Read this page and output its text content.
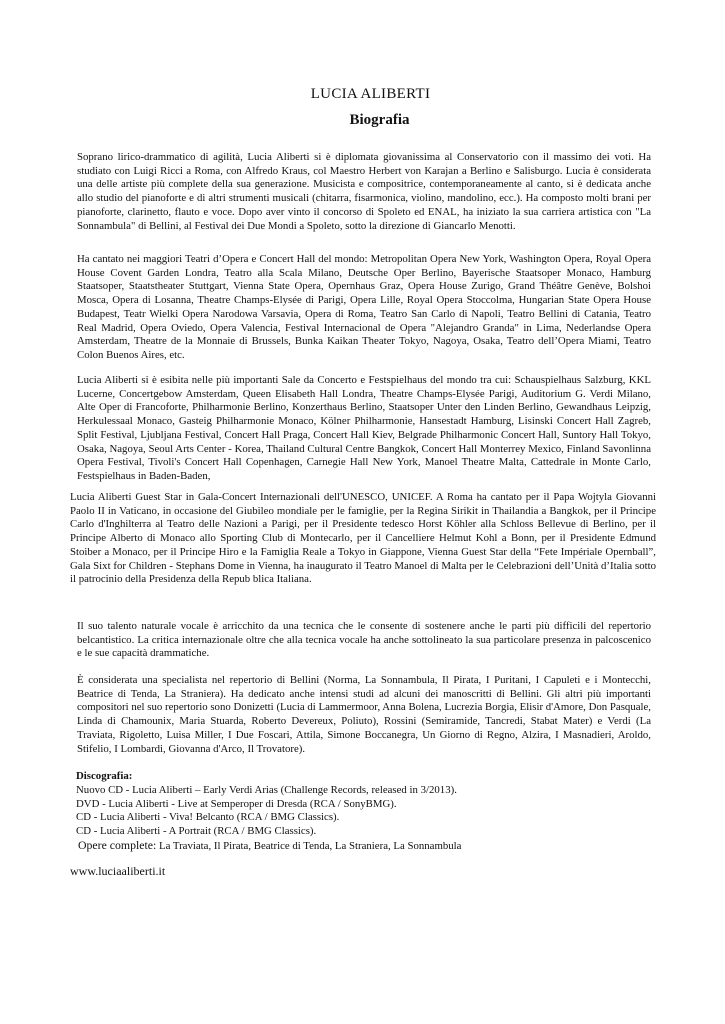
LUCIA ALIBERTI
Biografia

Soprano lirico-drammatico di agilità, Lucia Aliberti si è diplomata giovanissima al Conservatorio con il massimo dei voti. Ha studiato con Luigi Ricci a Roma, con Alfredo Kraus, col Maestro Herbert von Karajan a Berlino e Salisburgo. Lucia è considerata una delle artiste più complete della sua generazione. Musicista e compositrice, contemporaneamente al canto, si è dedicata anche allo studio del pianoforte e di altri strumenti musicali (chitarra, fisarmonica, violino, mandolino, ecc.). Ha composto molti brani per pianoforte, clarinetto, flauto e voce. Dopo aver vinto il concorso di Spoleto ed ENAL, ha iniziato la sua carriera artistica con "La Sonnambula" di Bellini, al Festival dei Due Mondi a Spoleto, sotto la direzione di Giancarlo Menotti.

Ha cantato nei maggiori Teatri d’Opera e Concert Hall del mondo: Metropolitan Opera New York, Washington Opera, Royal Opera House Covent Garden Londra, Teatro alla Scala Milano, Deutsche Oper Berlino, Bayerische Staatsoper Monaco, Hamburg Staatsoper, Staatstheater Stuttgart, Vienna State Opera, Opernhaus Graz, Opera House Zurigo, Grand Théâtre Genève, Bolshoi Mosca, Opera di Losanna, Theatre Champs-Elysée di Parigi, Opera Lille, Royal Opera Stoccolma, Hungarian State Opera House Budapest, Teatr Wielki Opera Narodowa Varsavia, Opera di Roma, Teatro San Carlo di Napoli, Teatro Bellini di Catania, Teatro Real Madrid, Opera Oviedo, Opera Valencia, Festival Internacional de Opera "Alejandro Granda" in Lima, Nederlandse Opera Amsterdam, Theatre de la Monnaie di Brussels, Bunka Kaikan Theater Tokyo, Nagoya, Osaka, Teatro dell’Opera Miami, Teatro Colon Buenos Aires, etc.

Lucia Aliberti si è esibita nelle più importanti Sale da Concerto e Festspielhaus del mondo tra cui: Schauspielhaus Salzburg, KKL Lucerne, Concertgebow Amsterdam, Queen Elisabeth Hall Londra, Theatre Champs-Elysée Parigi, Auditorium G. Verdi Milano, Alte Oper di Francoforte, Philharmonie Berlino, Konzerthaus Berlino, Staatsoper Unter den Linden Berlino, Gewandhaus Leipzig, Herkulessaal Monaco, Gasteig Philharmonie Monaco, Kölner Philharmonie, Hansestadt Hamburg, Lisinski Concert Hall Zagreb, Split Festival, Ljubljana Festival, Concert Hall Praga, Concert Hall Kiev, Belgrade Philharmonic Concert Hall, Suntory Hall Tokyo, Osaka, Nagoya, Seoul Arts Center - Korea, Thailand Cultural Centre Bangkok, Concert Hall Monterrey Mexico, Finland Savonlinna Opera Festival, Tivoli's Concert Hall Copenhagen, Carnegie Hall New York, Manoel Theatre Malta, Cattedrale in Monte Carlo, Festspielhaus in Baden-Baden,

Lucia Aliberti Guest Star in Gala-Concert Internazionali dell'UNESCO, UNICEF. A Roma ha cantato per il Papa Wojtyla Giovanni Paolo II in Vaticano, in occasione del Giubileo mondiale per le famiglie, per la Regina Sirikit in Thailandia a Bangkok, per il Principe Carlo d'Inghilterra al Teatro delle Nazioni a Parigi, per il Presidente tedesco Horst Köhler alla Schloss Bellevue di Berlino, per il Principe Alberto di Monaco allo Sporting Club di Montecarlo, per il Cancelliere Helmut Kohl a Bonn, per il Presidente Edmund Stoiber a Monaco, per il Principe Hiro e la Famiglia Reale a Tokyo in Giappone, Vienna Guest Star della “Fete Impériale Opernball”, Gala Sixt for Children - Stephans Dome in Vienna, ha inaugurato il Teatro Manoel di Malta per le Celebrazioni dell’Unità d’Italia sotto il patrocinio della Presidenza della Repub blica Italiana.

Il suo talento naturale vocale è arricchito da una tecnica che le consente di sostenere anche le parti più difficili del repertorio belcantistico. La critica internazionale oltre che alla tecnica vocale ha anche sottolineato la sua particolare presenza in palcoscenico e le sue capacità drammatiche.

È considerata una specialista nel repertorio di Bellini (Norma, La Sonnambula, Il Pirata, I Puritani, I Capuleti e i Montecchi, Beatrice di Tenda, La Straniera). Ha dedicato anche intensi studi ad alcuni dei manoscritti di Bellini. Gli altri più importanti compositori nel suo repertorio sono Donizetti (Lucia di Lammermoor, Anna Bolena, Lucrezia Borgia, Elisir d'Amore, Don Pasquale, Linda di Chamounix, Maria Stuarda, Roberto Devereux, Poliuto), Rossini (Semiramide, Tancredi, Stabat Mater) e Verdi (La Traviata, Rigoletto, Luisa Miller, I Due Foscari, Attila, Simone Boccanegra, Un Giorno di Regno, Alzira, I Masnadieri, Aroldo, Stifelio, I Lombardi, Giovanna d'Arco, Il Trovatore).

Discografia:
Nuovo CD - Lucia Aliberti – Early Verdi Arias (Challenge Records, released in 3/2013).
DVD - Lucia Aliberti - Live at Semperoper di Dresda (RCA / SonyBMG).
CD - Lucia Aliberti - Viva! Belcanto (RCA / BMG Classics).
CD - Lucia Aliberti - A Portrait (RCA / BMG Classics).
Opere complete: La Traviata, Il Pirata, Beatrice di Tenda, La Straniera, La Sonnambula
www.luciaaliberti.it
